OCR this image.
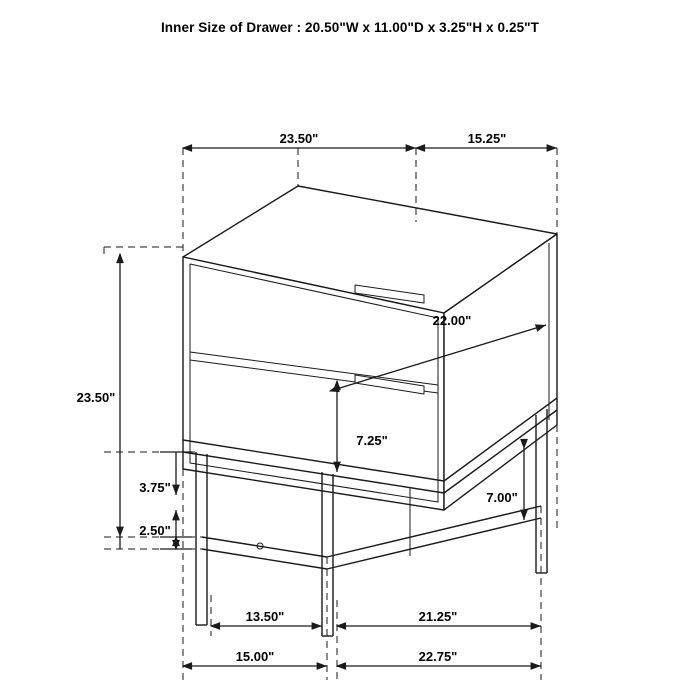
Inner Size of Drawer : 20.50"W x 11.00"D x 3.25"H x 0.25"T
23.50"	15.25"
23.50"
22.00"
7.25"
3.75"
2.50"
7.00"
13.50"	21.25"
15.00"	22.75"
